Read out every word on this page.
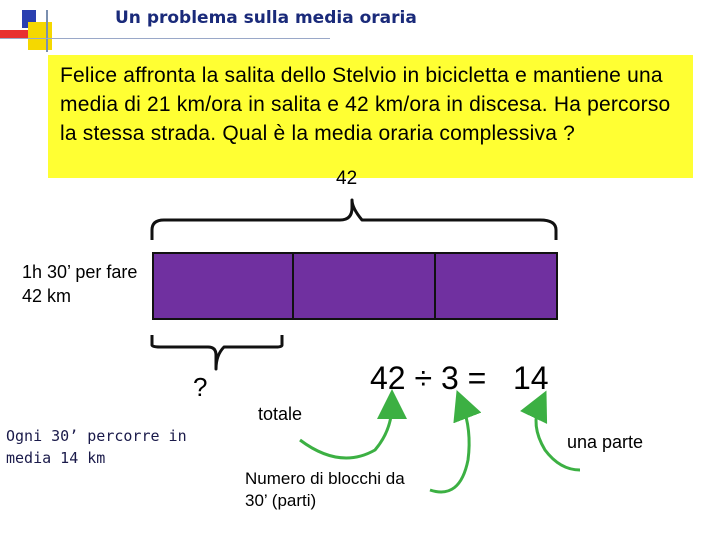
Un problema sulla media oraria
Felice affronta la salita dello Stelvio in bicicletta e mantiene una media di 21 km/ora in salita e 42 km/ora in discesa. Ha percorso la stessa strada. Qual è la media oraria complessiva ?
42
1h 30’ per fare 42 km
?	42 ÷ 3 =   14
Ogni 30’ percorre in media 14 km
totale
una parte
Numero di blocchi da 30’ (parti)
